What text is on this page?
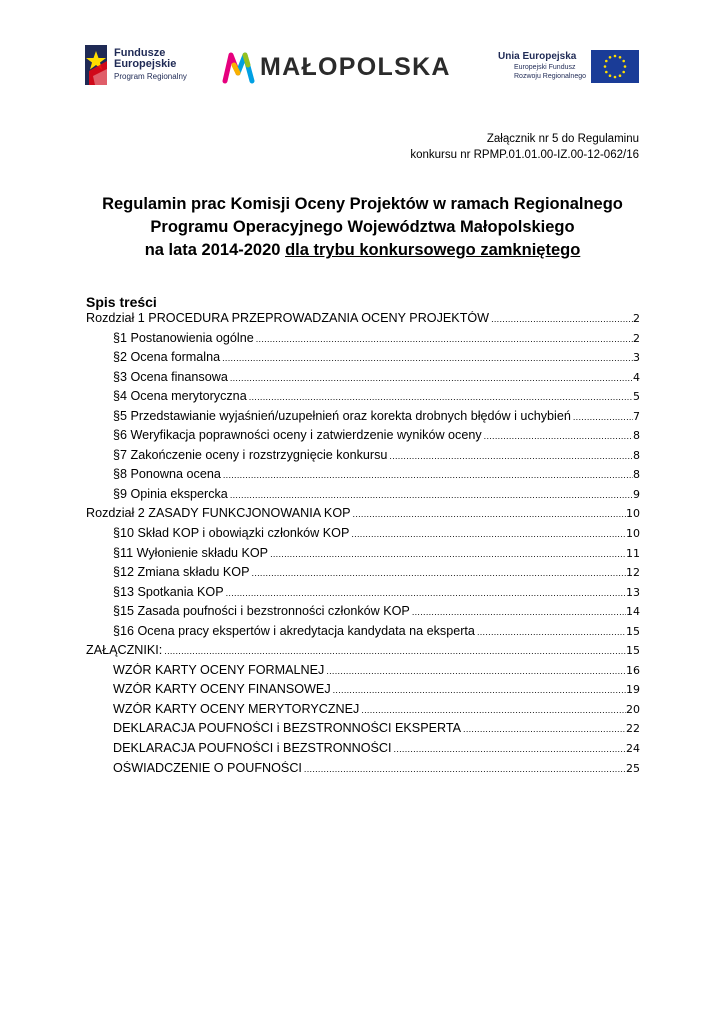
Fundusze
Europejskie
Program Regionalny	MAŁOPOLSKA	Unia Europejska
Europejski Fundusz
Rozwoju Regionalnego
Załącznik nr 5 do Regulaminu
konkursu nr RPMP.01.01.00-IZ.00-12-062/16
Regulamin prac Komisji Oceny Projektów w ramach Regionalnego
Programu Operacyjnego Województwa Małopolskiego
na lata 2014-2020 dla trybu konkursowego zamkniętego
Spis treści
Rozdział 1 PROCEDURA PRZEPROWADZANIA OCENY PROJEKTÓW .....	2
§1 Postanowienia ogólne .....	2
§2 Ocena formalna .....	3
§3 Ocena finansowa .....	4
§4 Ocena merytoryczna .....	5
§5 Przedstawianie wyjaśnień/uzupełnień oraz korekta drobnych błędów i uchybień .....	7
§6 Weryfikacja poprawności oceny i zatwierdzenie wyników oceny .....	8
§7 Zakończenie oceny i rozstrzygnięcie konkursu .....	8
§8 Ponowna ocena .....	8
§9 Opinia ekspercka .....	9
Rozdział 2 ZASADY FUNKCJONOWANIA KOP .....	10
§10 Skład KOP i obowiązki członków KOP .....	10
§11 Wyłonienie składu KOP .....	11
§12 Zmiana składu KOP .....	12
§13 Spotkania KOP .....	13
§15 Zasada poufności i bezstronności członków KOP .....	14
§16 Ocena pracy ekspertów i akredytacja kandydata na eksperta .....	15
ZAŁĄCZNIKI: .....	15
WZÓR KARTY OCENY FORMALNEJ .....	16
WZÓR KARTY OCENY FINANSOWEJ .....	19
WZÓR KARTY OCENY MERYTORYCZNEJ .....	20
DEKLARACJA POUFNOŚCI i BEZSTRONNOŚCI EKSPERTA .....	22
DEKLARACJA POUFNOŚCI i BEZSTRONNOŚCI .....	24
OŚWIADCZENIE O POUFNOŚCI .....	25
